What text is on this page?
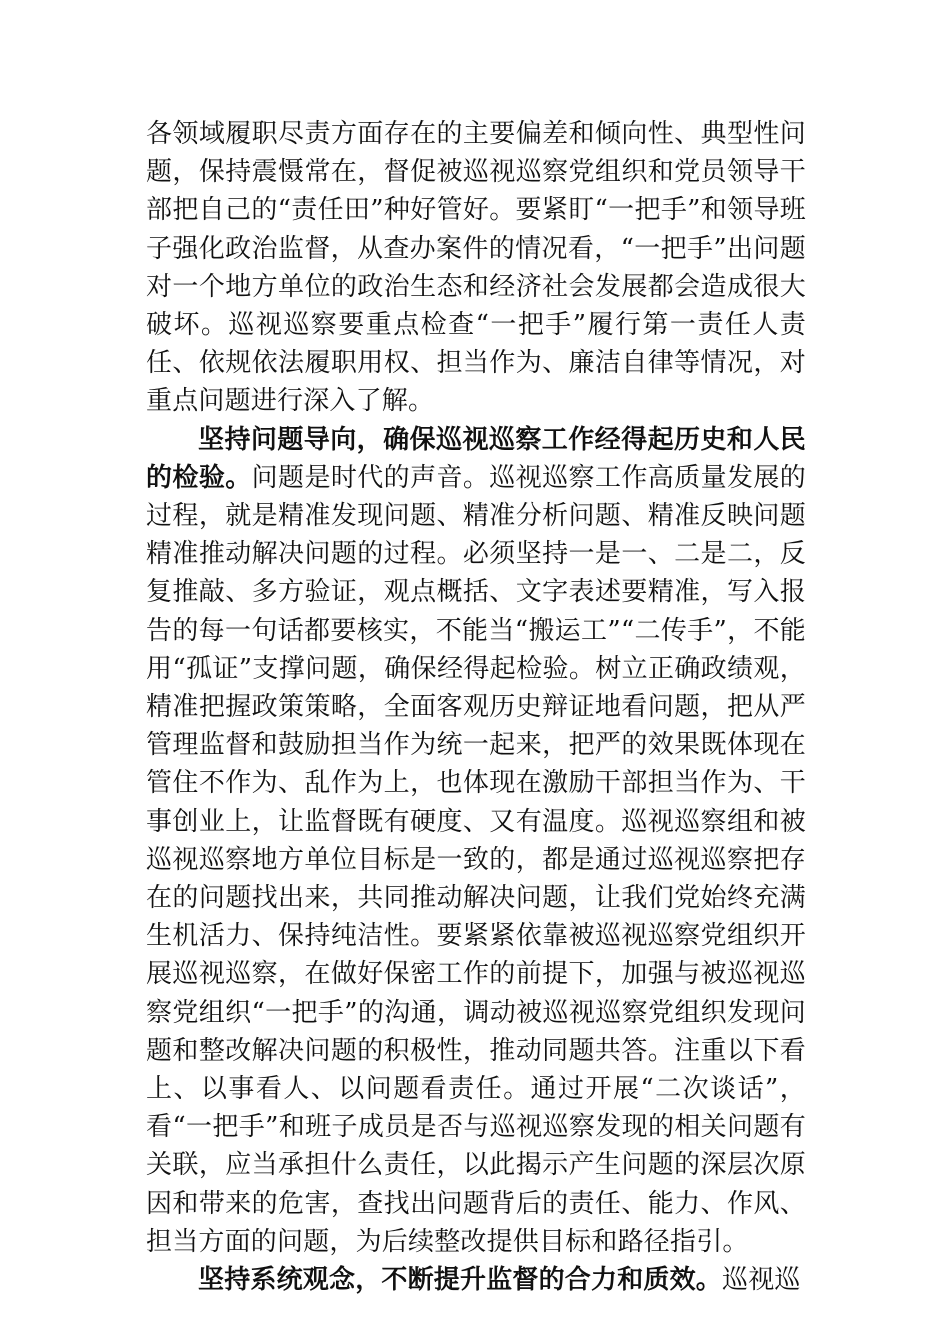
各领域履职尽责方面存在的主要偏差和倾向性、典型性问题，保持震慑常在，督促被巡视巡察党组织和党员领导干部把自己的“责任田”种好管好。要紧盯“一把手”和领导班子强化政治监督，从查办案件的情况看，“一把手”出问题对一个地方单位的政治生态和经济社会发展都会造成很大破坏。巡视巡察要重点检查“一把手”履行第一责任人责任、依规依法履职用权、担当作为、廉洁自律等情况，对重点问题进行深入了解。

坚持问题导向，确保巡视巡察工作经得起历史和人民的检验。问题是时代的声音。巡视巡察工作高质量发展的过程，就是精准发现问题、精准分析问题、精准反映问题精准推动解决问题的过程。必须坚持一是一、二是二，反复推敲、多方验证，观点概括、文字表述要精准，写入报告的每一句话都要核实，不能当“搬运工”“二传手”，不能用“孤证”支撑问题，确保经得起检验。树立正确政绩观，精准把握政策策略，全面客观历史辩证地看问题，把从严管理监督和鼓励担当作为统一起来，把严的效果既体现在管住不作为、乱作为上，也体现在激励干部担当作为、干事创业上，让监督既有硬度、又有温度。巡视巡察组和被巡视巡察地方单位目标是一致的，都是通过巡视巡察把存在的问题找出来，共同推动解决问题，让我们党始终充满生机活力、保持纯洁性。要紧紧依靠被巡视巡察党组织开展巡视巡察，在做好保密工作的前提下，加强与被巡视巡察党组织“一把手”的沟通，调动被巡视巡察党组织发现问题和整改解决问题的积极性，推动同题共答。注重以下看上、以事看人、以问题看责任。通过开展“二次谈话”，看“一把手”和班子成员是否与巡视巡察发现的相关问题有关联，应当承担什么责任，以此揭示产生问题的深层次原因和带来的危害，查找出问题背后的责任、能力、作风、担当方面的问题，为后续整改提供目标和路径指引。

坚持系统观念，不断提升监督的合力和质效。巡视巡
